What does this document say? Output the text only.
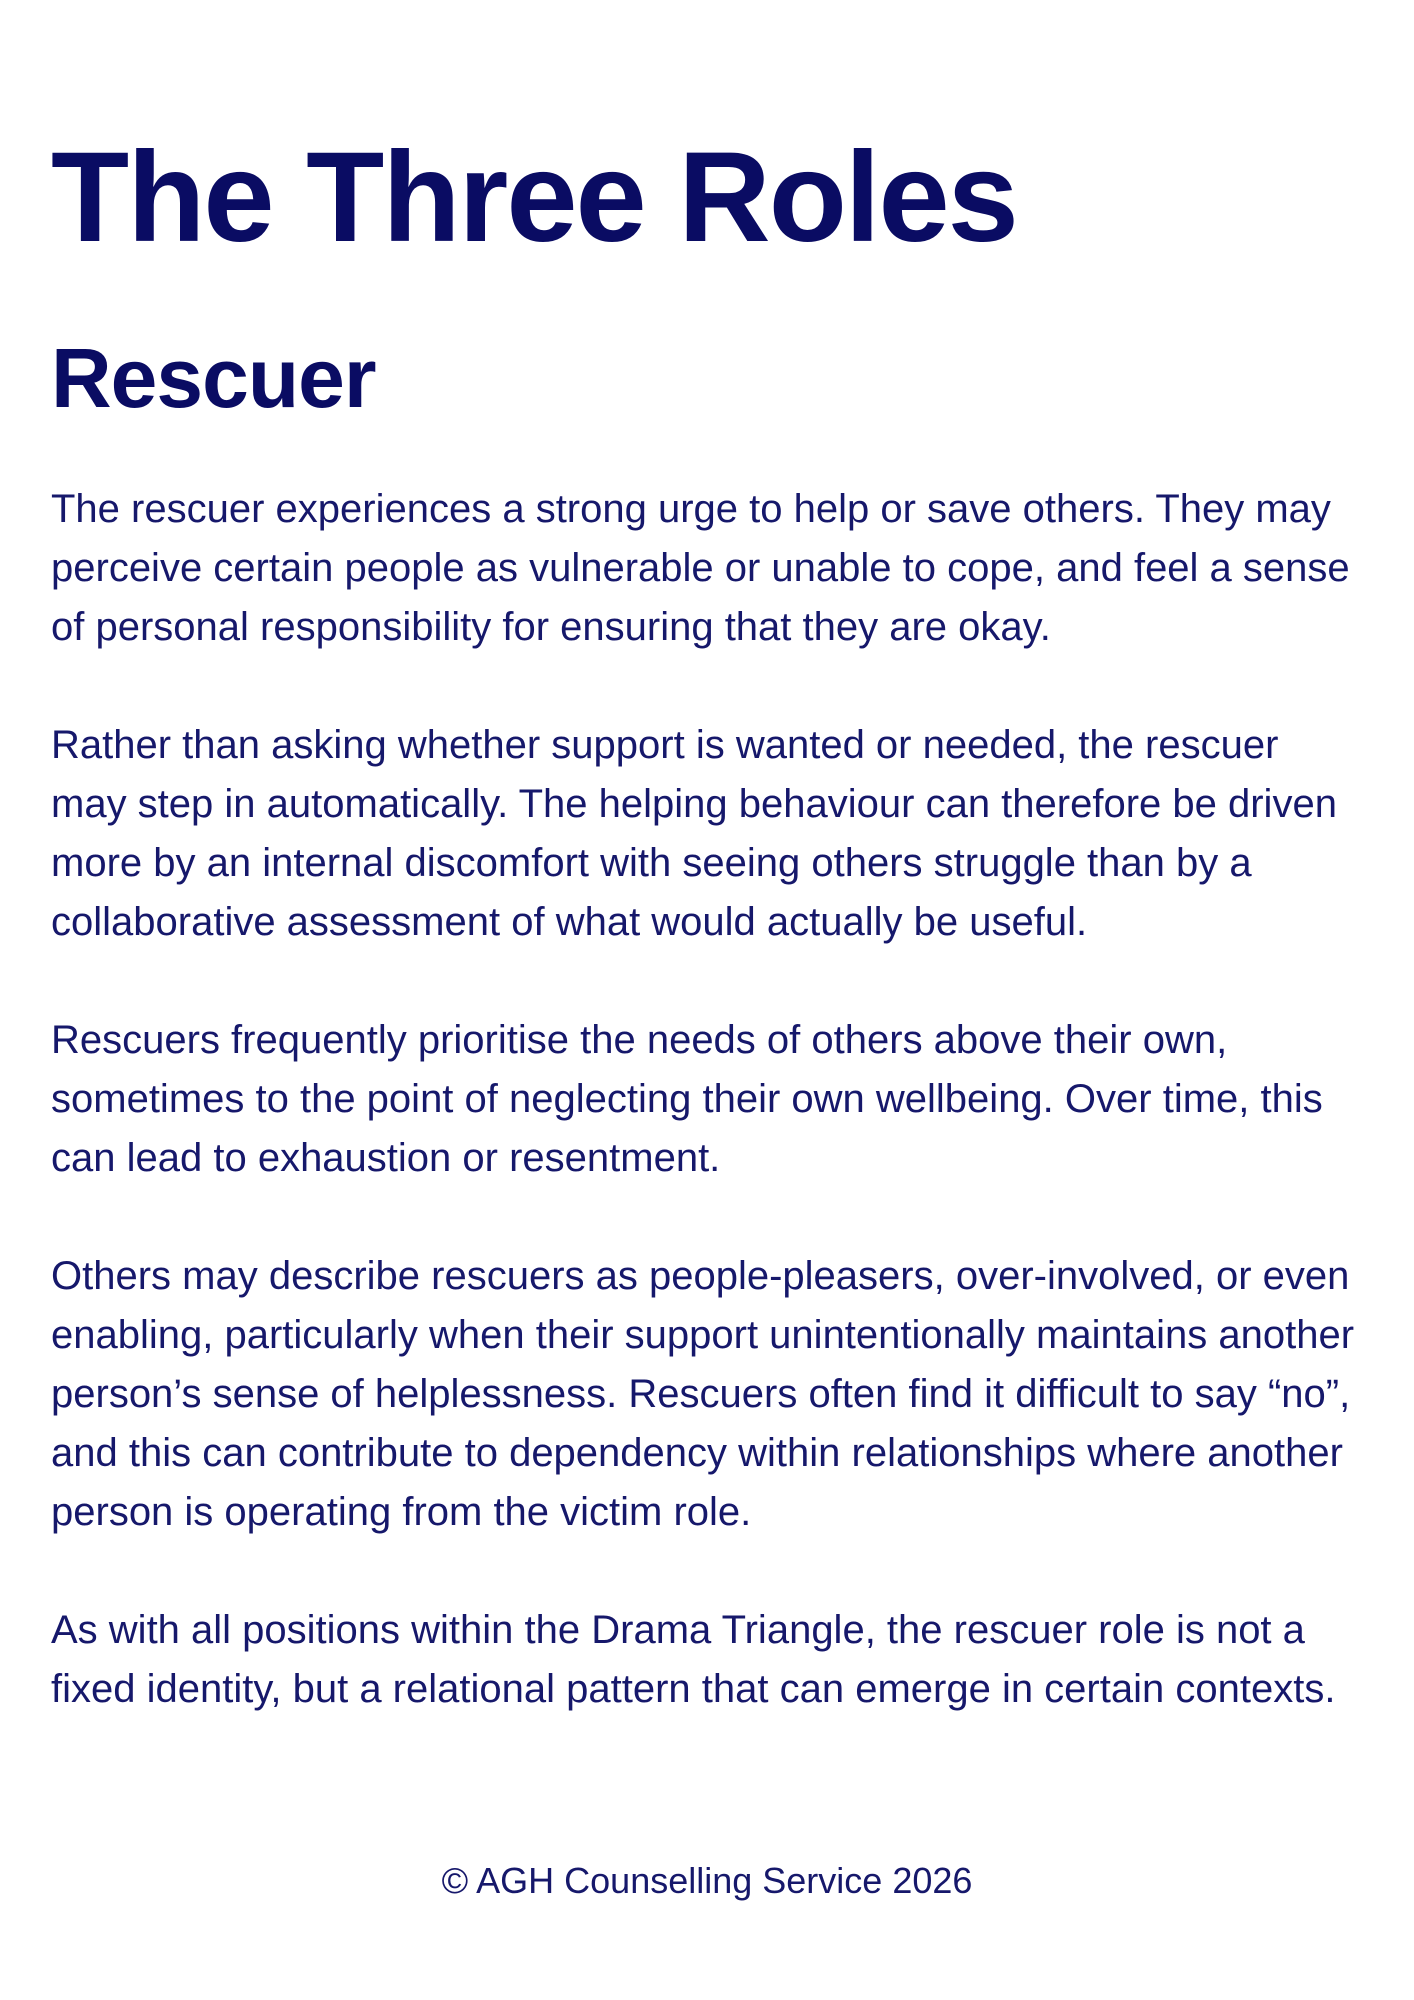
The Three Roles
Rescuer

The rescuer experiences a strong urge to help or save others. They may perceive certain people as vulnerable or unable to cope, and feel a sense of personal responsibility for ensuring that they are okay.

Rather than asking whether support is wanted or needed, the rescuer may step in automatically. The helping behaviour can therefore be driven more by an internal discomfort with seeing others struggle than by a collaborative assessment of what would actually be useful.

Rescuers frequently prioritise the needs of others above their own, sometimes to the point of neglecting their own wellbeing. Over time, this can lead to exhaustion or resentment.

Others may describe rescuers as people-pleasers, over-involved, or even enabling, particularly when their support unintentionally maintains another person’s sense of helplessness. Rescuers often find it difficult to say “no”, and this can contribute to dependency within relationships where another person is operating from the victim role.

As with all positions within the Drama Triangle, the rescuer role is not a fixed identity, but a relational pattern that can emerge in certain contexts.

© AGH Counselling Service 2026
